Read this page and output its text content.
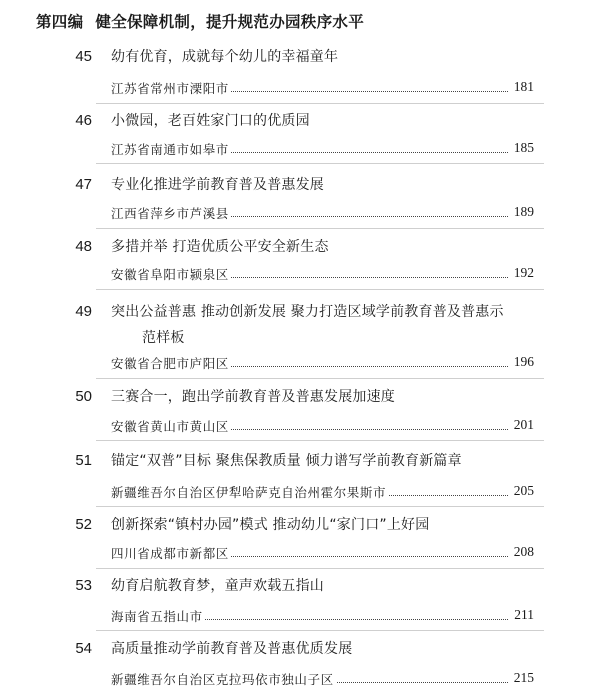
第四编 健全保障机制，提升规范办园秩序水平
45 幼有优育，成就每个幼儿的幸福童年
江苏省常州市溧阳市	181
46 小微园，老百姓家门口的优质园
江苏省南通市如皋市	185
47 专业化推进学前教育普及普惠发展
江西省萍乡市芦溪县	189
48 多措并举 打造优质公平安全新生态
安徽省阜阳市颍泉区	192
49 突出公益普惠 推动创新发展 聚力打造区域学前教育普及普惠示
范样板
安徽省合肥市庐阳区	196
50 三赛合一，跑出学前教育普及普惠发展加速度
安徽省黄山市黄山区	201
51 锚定“双普”目标 聚焦保教质量 倾力谱写学前教育新篇章
新疆维吾尔自治区伊犁哈萨克自治州霍尔果斯市	205
52 创新探索“镇村办园”模式 推动幼儿“家门口”上好园
四川省成都市新都区	208
53 幼育启航教育梦，童声欢载五指山
海南省五指山市	211
54 高质量推动学前教育普及普惠优质发展
新疆维吾尔自治区克拉玛依市独山子区	215
